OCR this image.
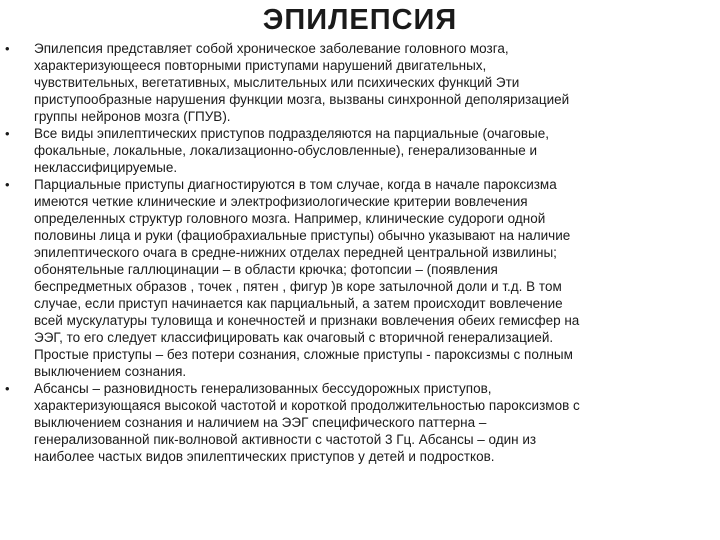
ЭПИЛЕПСИЯ
• Эпилепсия представляет собой хроническое заболевание головного мозга,
характеризующееся повторными приступами нарушений двигательных,
чувствительных, вегетативных, мыслительных или психических функций Эти
приступообразные нарушения функции мозга, вызваны синхронной деполяризацией
группы нейронов мозга (ГПУВ).
• Все виды эпилептических приступов подразделяются на парциальные (очаговые,
фокальные, локальные, локализационно-обусловленные), генерализованные и
неклассифицируемые.
• Парциальные приступы диагностируются в том случае, когда в начале пароксизма
имеются четкие клинические и электрофизиологические критерии вовлечения
определенных структур головного мозга. Например, клинические судороги одной
половины лица и руки (фациобрахиальные приступы) обычно указывают на наличие
эпилептического очага в средне-нижних отделах передней центральной извилины;
обонятельные галлюцинации – в области крючка; фотопсии – (появления
беспредметных образов , точек , пятен , фигур )в коре затылочной доли и т.д. В том
случае, если приступ начинается как парциальный, а затем происходит вовлечение
всей мускулатуры туловища и конечностей и признаки вовлечения обеих гемисфер на
ЭЭГ, то его следует классифицировать как очаговый с вторичной генерализацией.
Простые приступы – без потери сознания, сложные приступы - пароксизмы с полным
выключением сознания.
• Абсансы – разновидность генерализованных бессудорожных приступов,
характеризующаяся высокой частотой и короткой продолжительностью пароксизмов с
выключением сознания и наличием на ЭЭГ специфического паттерна –
генерализованной пик-волновой активности с частотой 3 Гц. Абсансы – один из
наиболее частых видов эпилептических приступов у детей и подростков.
